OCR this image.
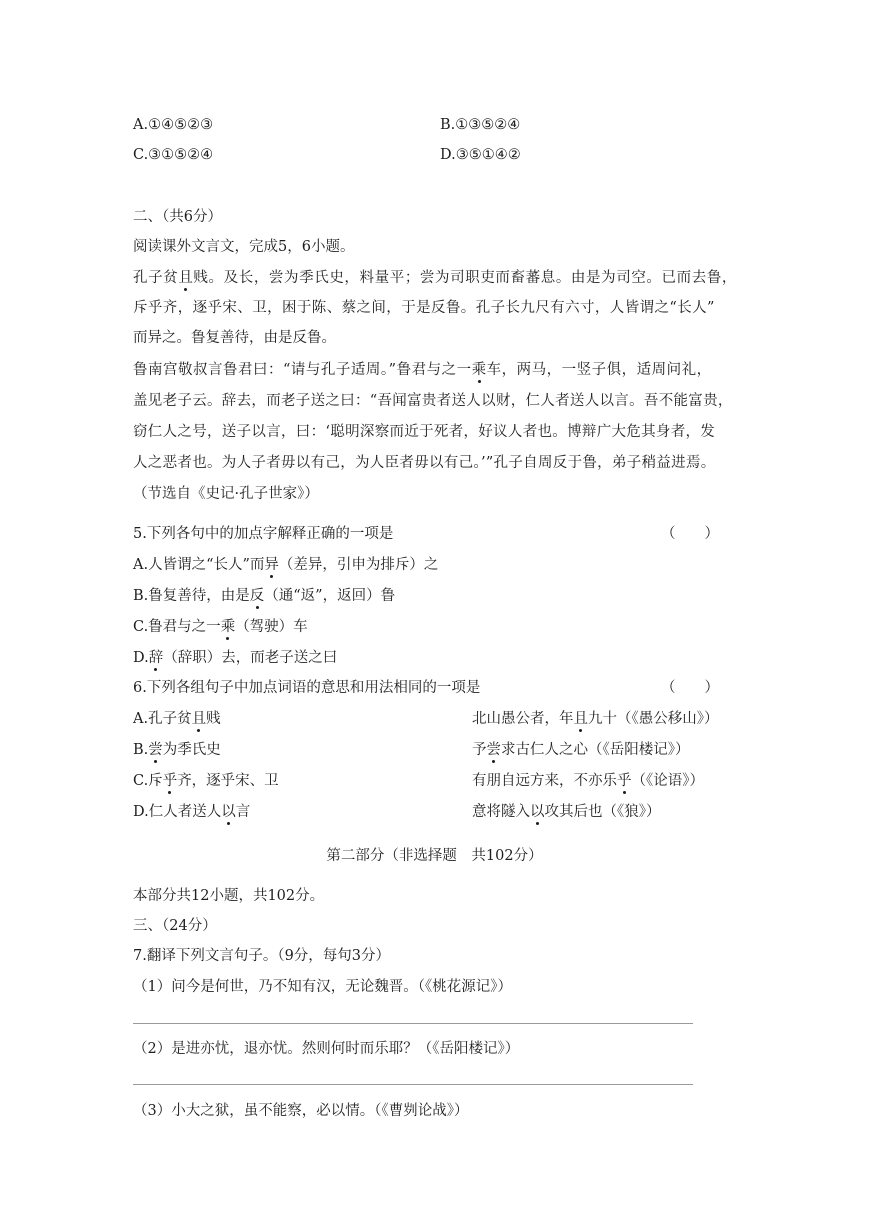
A.①④⑤②③	B.①③⑤②④
C.③①⑤②④	D.③⑤①④②
二、（共6分）
阅读课外文言文，完成5，6小题。
孔子贫且贱。及长，尝为季氏史，料量平；尝为司职吏而畜蕃息。由是为司空。已而去鲁，
斥乎齐，逐乎宋、卫，困于陈、蔡之间，于是反鲁。孔子长九尺有六寸，人皆谓之“长人”
而异之。鲁复善待，由是反鲁。
鲁南宫敬叔言鲁君曰：“请与孔子适周。”鲁君与之一乘车，两马，一竖子俱，适周问礼，
盖见老子云。辞去，而老子送之曰：“吾闻富贵者送人以财，仁人者送人以言。吾不能富贵，
窃仁人之号，送子以言，曰：‘聪明深察而近于死者，好议人者也。博辩广大危其身者，发
人之恶者也。为人子者毋以有己，为人臣者毋以有己。’”孔子自周反于鲁，弟子稍益进焉。
（节选自《史记·孔子世家》）
5.下列各句中的加点字解释正确的一项是	（　　）
A.人皆谓之“长人”而异（差异，引申为排斥）之
B.鲁复善待，由是反（通“返”，返回）鲁
C.鲁君与之一乘（驾驶）车
D.辞（辞职）去，而老子送之曰
6.下列各组句子中加点词语的意思和用法相同的一项是	（　　）
A.孔子贫且贱	北山愚公者，年且九十（《愚公移山》）
B.尝为季氏史	予尝求古仁人之心（《岳阳楼记》）
C.斥乎齐，逐乎宋、卫	有朋自远方来，不亦乐乎（《论语》）
D.仁人者送人以言	意将隧入以攻其后也（《狼》）
第二部分（非选择题　共102分）
本部分共12小题，共102分。
三、（24分）
7.翻译下列文言句子。（9分，每句3分）
（1）问今是何世，乃不知有汉，无论魏晋。（《桃花源记》）
（2）是进亦忧，退亦忧。然则何时而乐耶？（《岳阳楼记》）
（3）小大之狱，虽不能察，必以情。（《曹刿论战》）
